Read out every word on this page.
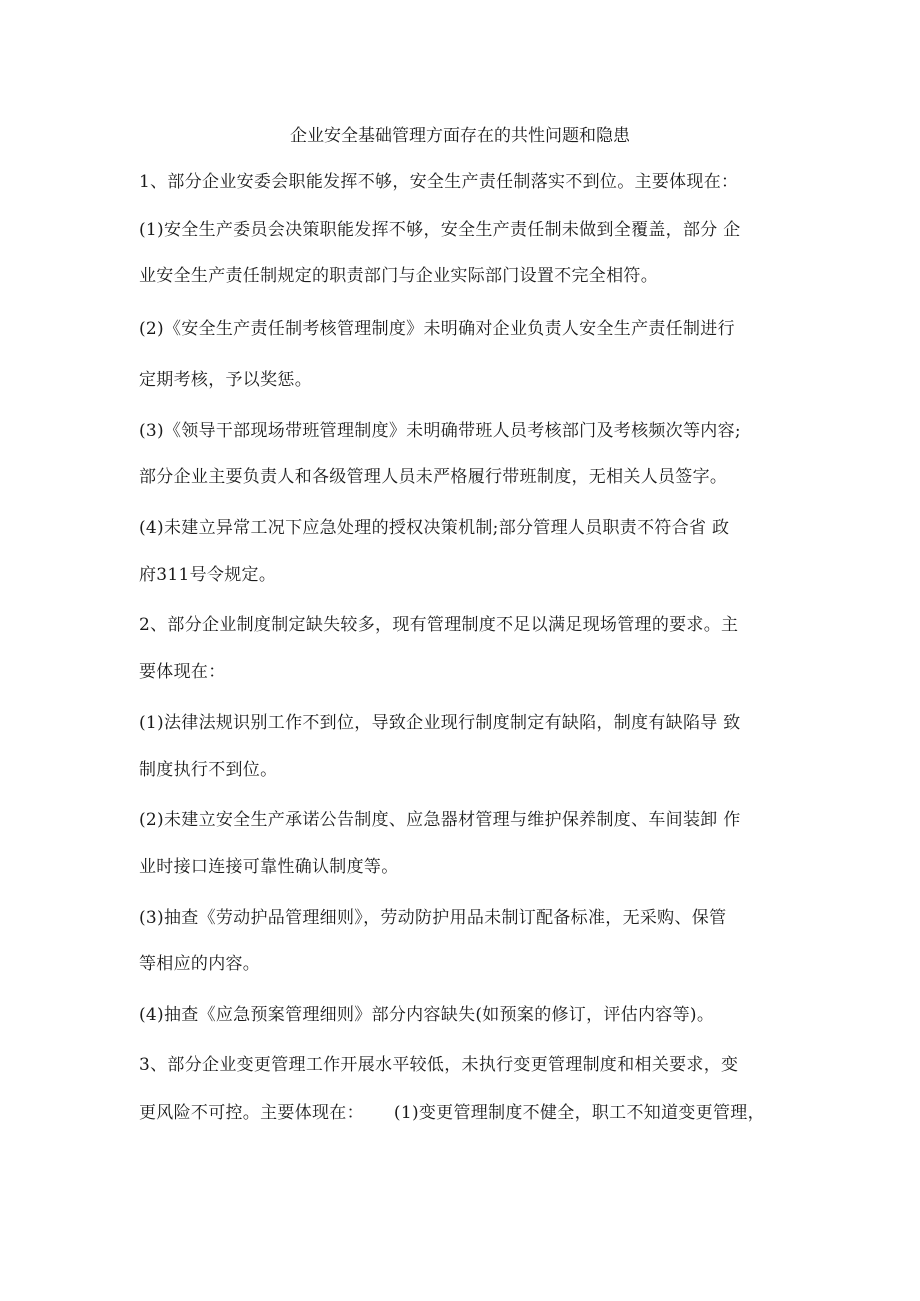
企业安全基础管理方面存在的共性问题和隐患
1、部分企业安委会职能发挥不够，安全生产责任制落实不到位。主要体现在：
(1)安全生产委员会决策职能发挥不够，安全生产责任制未做到全覆盖，部分 企
业安全生产责任制规定的职责部门与企业实际部门设置不完全相符。
(2)《安全生产责任制考核管理制度》未明确对企业负责人安全生产责任制进行
定期考核，予以奖惩。
(3)《领导干部现场带班管理制度》未明确带班人员考核部门及考核频次等内容;
部分企业主要负责人和各级管理人员未严格履行带班制度，无相关人员签字。
(4)未建立异常工况下应急处理的授权决策机制;部分管理人员职责不符合省 政
府311号令规定。
2、部分企业制度制定缺失较多，现有管理制度不足以满足现场管理的要求。主
要体现在：
(1)法律法规识别工作不到位，导致企业现行制度制定有缺陷，制度有缺陷导 致
制度执行不到位。
(2)未建立安全生产承诺公告制度、应急器材管理与维护保养制度、车间装卸 作
业时接口连接可靠性确认制度等。
(3)抽查《劳动护品管理细则》，劳动防护用品未制订配备标准，无采购、保管
等相应的内容。
(4)抽查《应急预案管理细则》部分内容缺失(如预案的修订，评估内容等)。
3、部分企业变更管理工作开展水平较低，未执行变更管理制度和相关要求，变
更风险不可控。主要体现在： (1)变更管理制度不健全，职工不知道变更管理，
